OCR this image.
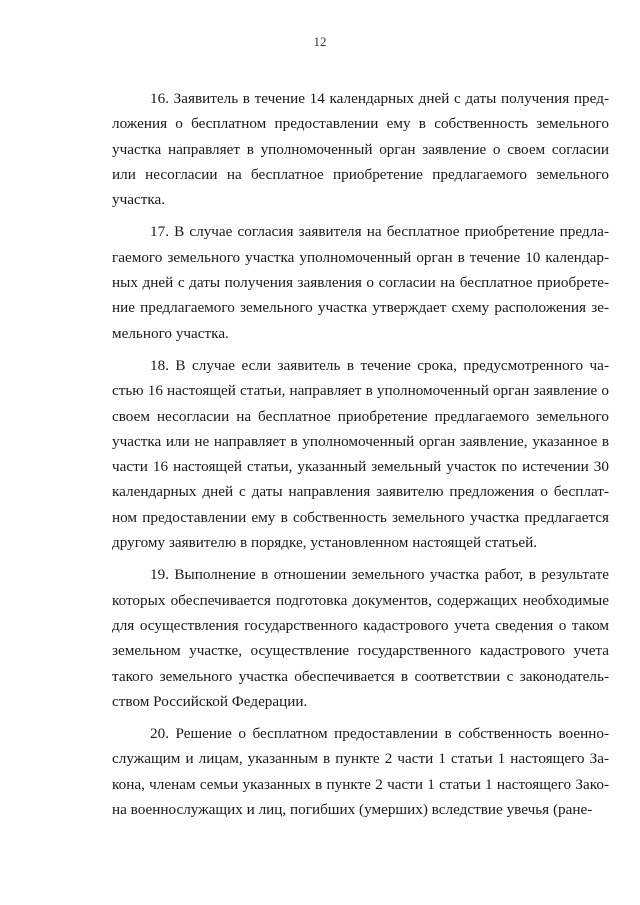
12

16. Заявитель в течение 14 календарных дней с даты получения предложения о бесплатном предоставлении ему в собственность земельного участка направляет в уполномоченный орган заявление о своем согласии или несогласии на бесплатное приобретение предлагаемого земельного участка.

17. В случае согласия заявителя на бесплатное приобретение предлагаемого земельного участка уполномоченный орган в течение 10 календарных дней с даты получения заявления о согласии на бесплатное приобретение предлагаемого земельного участка утверждает схему расположения земельного участка.

18. В случае если заявитель в течение срока, предусмотренного частью 16 настоящей статьи, направляет в уполномоченный орган заявление о своем несогласии на бесплатное приобретение предлагаемого земельного участка или не направляет в уполномоченный орган заявление, указанное в части 16 настоящей статьи, указанный земельный участок по истечении 30 календарных дней с даты направления заявителю предложения о бесплатном предоставлении ему в собственность земельного участка предлагается другому заявителю в порядке, установленном настоящей статьей.

19. Выполнение в отношении земельного участка работ, в результате которых обеспечивается подготовка документов, содержащих необходимые для осуществления государственного кадастрового учета сведения о таком земельном участке, осуществление государственного кадастрового учета такого земельного участка обеспечивается в соответствии с законодательством Российской Федерации.

20. Решение о бесплатном предоставлении в собственность военнослужащим и лицам, указанным в пункте 2 части 1 статьи 1 настоящего Закона, членам семьи указанных в пункте 2 части 1 статьи 1 настоящего Закона военнослужащих и лиц, погибших (умерших) вследствие увечья (ране-
